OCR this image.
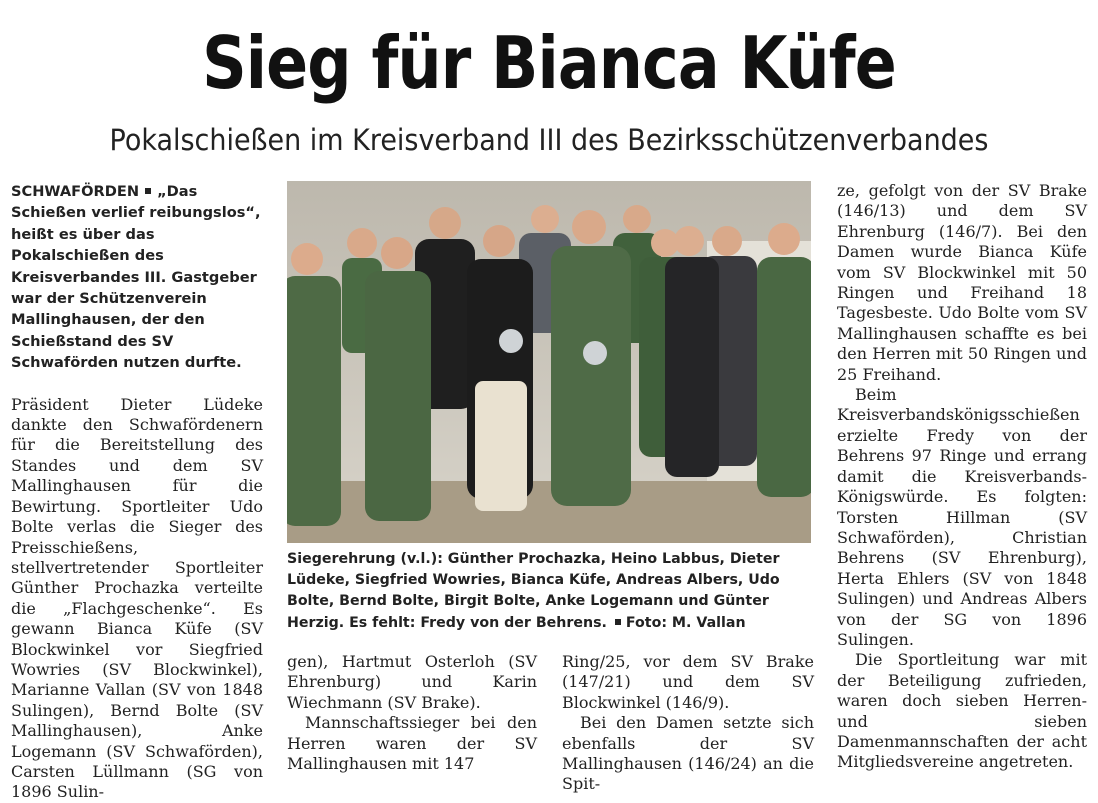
Sieg für Bianca Küfe
Pokalschießen im Kreisverband III des Bezirksschützenverbandes

SCHWAFÖRDEN „Das Schießen verlief reibungslos“, heißt es über das Pokalschießen des Kreisverbandes III. Gastgeber war der Schützenverein Mallinghausen, der den Schießstand des SV Schwaförden nutzen durfte.

Präsident Dieter Lüdeke dankte den Schwafördenern für die Bereitstellung des Standes und dem SV Mallinghausen für die Bewirtung. Sportleiter Udo Bolte verlas die Sieger des Preisschießens, stellvertretender Sportleiter Günther Prochazka verteilte die „Flachgeschenke“. Es gewann Bianca Küfe (SV Blockwinkel vor Siegfried Wowries (SV Blockwinkel), Marianne Vallan (SV von 1848 Sulingen), Bernd Bolte (SV Mallinghausen), Anke Logemann (SV Schwaförden), Carsten Lüllmann (SG von 1896 Sulin-

Siegerehrung (v.l.): Günther Prochazka, Heino Labbus, Dieter Lüdeke, Siegfried Wowries, Bianca Küfe, Andreas Albers, Udo Bolte, Bernd Bolte, Birgit Bolte, Anke Logemann und Günter Herzig. Es fehlt: Fredy von der Behrens. Foto: M. Vallan

gen), Hartmut Osterloh (SV Ehrenburg) und Karin Wiechmann (SV Brake).

Mannschaftssieger bei den Herren waren der SV Mallinghausen mit 147

Ring/25, vor dem SV Brake (147/21) und dem SV Blockwinkel (146/9).

Bei den Damen setzte sich ebenfalls der SV Mallinghausen (146/24) an die Spit-

ze, gefolgt von der SV Brake (146/13) und dem SV Ehrenburg (146/7). Bei den Damen wurde Bianca Küfe vom SV Blockwinkel mit 50 Ringen und Freihand 18 Tagesbeste. Udo Bolte vom SV Mallinghausen schaffte es bei den Herren mit 50 Ringen und 25 Freihand.

Beim Kreisverbandskönigsschießen erzielte Fredy von der Behrens 97 Ringe und errang damit die Kreisverbands-Königswürde. Es folgten: Torsten Hillman (SV Schwaförden), Christian Behrens (SV Ehrenburg), Herta Ehlers (SV von 1848 Sulingen) und Andreas Albers von der SG von 1896 Sulingen.

Die Sportleitung war mit der Beteiligung zufrieden, waren doch sieben Herren- und sieben Damenmannschaften der acht Mitgliedsvereine angetreten.
